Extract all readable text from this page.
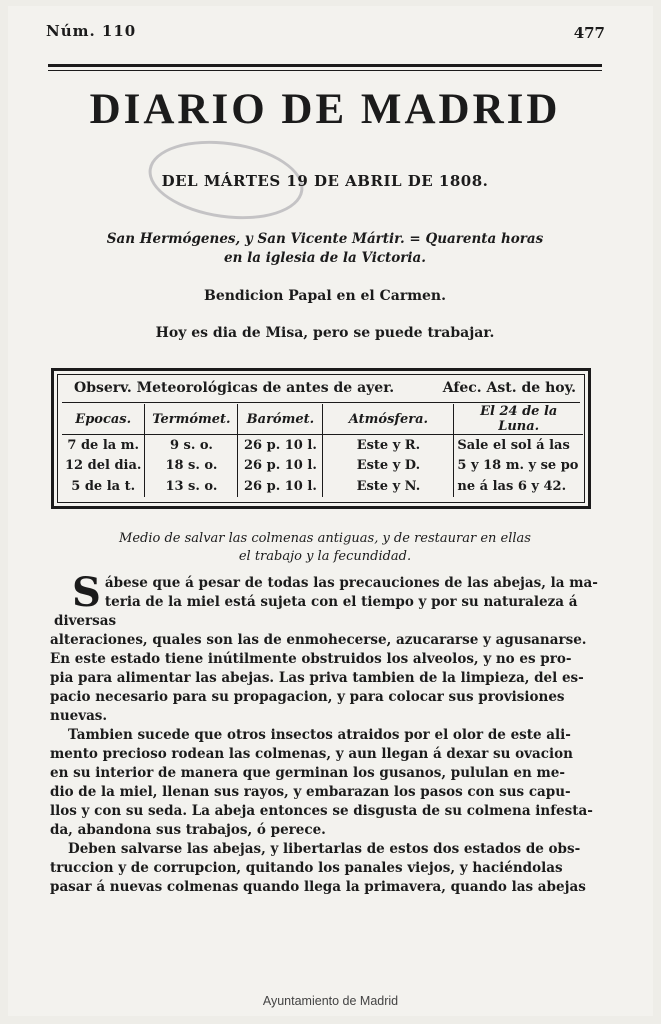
Núm. 110	477
DIARIO DE MADRID
DEL MÁRTES 19 DE ABRIL DE 1808.
San Hermógenes, y San Vicente Mártir. = Quarenta horas
en la iglesia de la Victoria.
Bendicion Papal en el Carmen.
Hoy es dia de Misa, pero se puede trabajar.
Observ. Meteorológicas de antes de ayer.	Afec. Ast. de hoy.
Epocas.	Termómet.	Barómet.	Atmósfera.	El 24 de la Luna.
7 de la m.	9 s. o.	26 p. 10 l.	Este y R.	Sale el sol á las
12 del dia.	18 s. o.	26 p. 10 l.	Este y D.	5 y 18 m. y se po
5 de la t.	13 s. o.	26 p. 10 l.	Este y N.	ne á las 6 y 42.
Medio de salvar las colmenas antiguas, y de restaurar en ellas
el trabajo y la fecundidad.
S ábese que á pesar de todas las precauciones de las abejas, la ma-
teria de la miel está sujeta con el tiempo y por su naturaleza á diversas
alteraciones, quales son las de enmohecerse, azucararse y agusanarse.
En este estado tiene inútilmente obstruidos los alveolos, y no es pro-
pia para alimentar las abejas. Las priva tambien de la limpieza, del es-
pacio necesario para su propagacion, y para colocar sus provisiones
nuevas.
Tambien sucede que otros insectos atraidos por el olor de este ali-
mento precioso rodean las colmenas, y aun llegan á dexar su ovacion
en su interior de manera que germinan los gusanos, pululan en me-
dio de la miel, llenan sus rayos, y embarazan los pasos con sus capu-
llos y con su seda. La abeja entonces se disgusta de su colmena infesta-
da, abandona sus trabajos, ó perece.
Deben salvarse las abejas, y libertarlas de estos dos estados de obs-
truccion y de corrupcion, quitando los panales viejos, y haciéndolas
pasar á nuevas colmenas quando llega la primavera, quando las abejas
Ayuntamiento de Madrid
